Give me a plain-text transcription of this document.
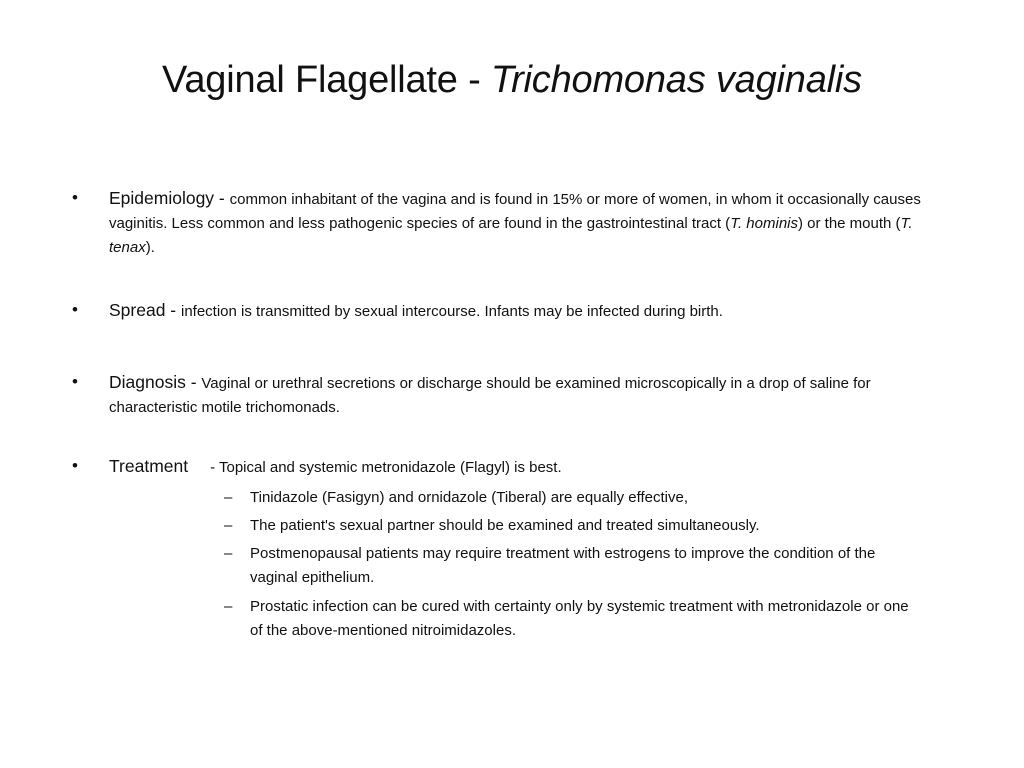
Vaginal Flagellate - Trichomonas vaginalis
• Epidemiology - common inhabitant of the vagina and is found in 15% or more of women, in whom it occasionally causes vaginitis. Less common and less pathogenic species of are found in the gastrointestinal tract (T. hominis) or the mouth (T. tenax).
• Spread - infection is transmitted by sexual intercourse. Infants may be infected during birth.
• Diagnosis - Vaginal or urethral secretions or discharge should be examined microscopically in a drop of saline for characteristic motile trichomonads.
• Treatment - Topical and systemic metronidazole (Flagyl) is best.
– Tinidazole (Fasigyn) and ornidazole (Tiberal) are equally effective,
– The patient's sexual partner should be examined and treated simultaneously.
– Postmenopausal patients may require treatment with estrogens to improve the condition of the vaginal epithelium.
– Prostatic infection can be cured with certainty only by systemic treatment with metronidazole or one of the above-mentioned nitroimidazoles.
